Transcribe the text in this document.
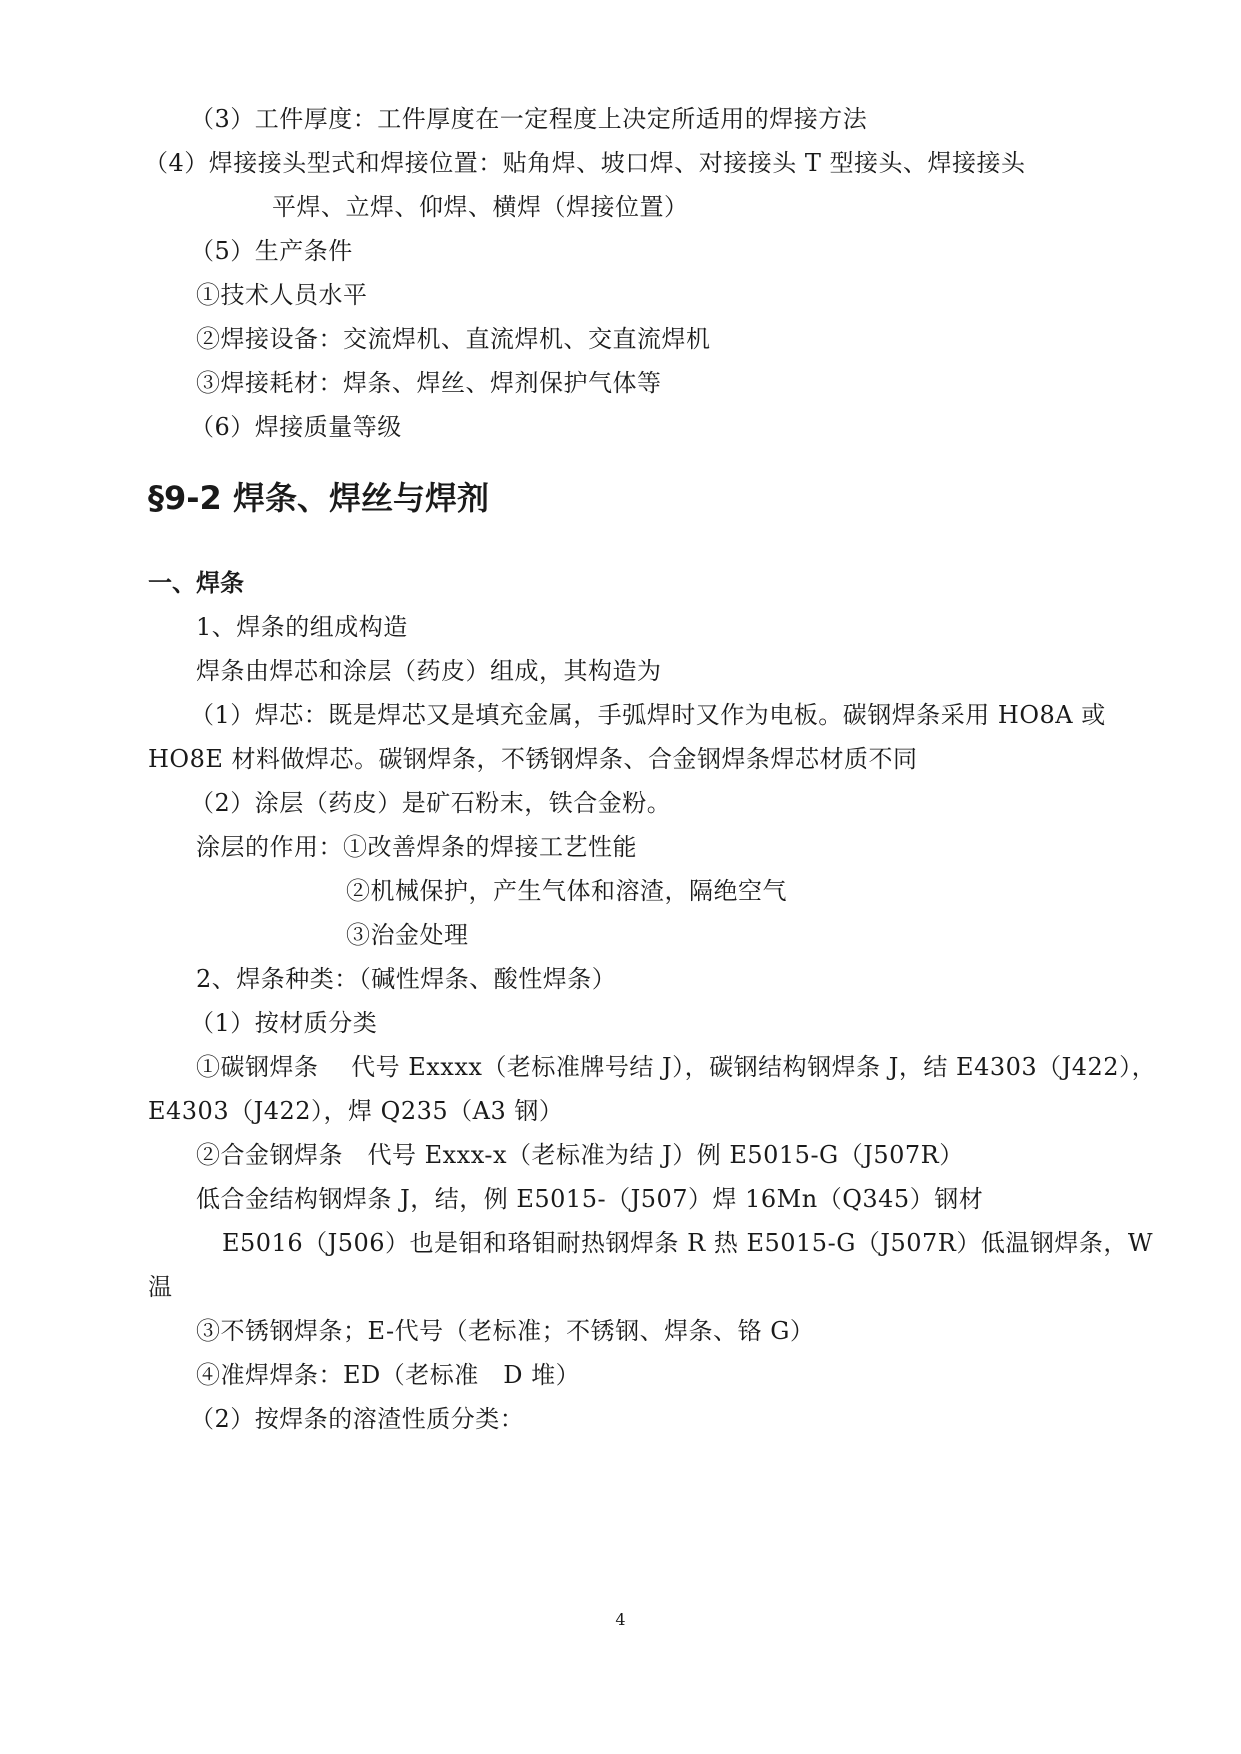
（3）工件厚度：工件厚度在一定程度上决定所适用的焊接方法
（4）焊接接头型式和焊接位置：贴角焊、坡口焊、对接接头 T 型接头、焊接接头
平焊、立焊、仰焊、横焊（焊接位置）
（5）生产条件
①技术人员水平
②焊接设备：交流焊机、直流焊机、交直流焊机
③焊接耗材：焊条、焊丝、焊剂保护气体等
（6）焊接质量等级
§9-2 焊条、焊丝与焊剂
一、焊条
1、焊条的组成构造
焊条由焊芯和涂层（药皮）组成，其构造为
（1）焊芯：既是焊芯又是填充金属，手弧焊时又作为电板。碳钢焊条采用 HO8A 或
HO8E 材料做焊芯。碳钢焊条，不锈钢焊条、合金钢焊条焊芯材质不同
（2）涂层（药皮）是矿石粉末，铁合金粉。
涂层的作用：①改善焊条的焊接工艺性能
②机械保护，产生气体和溶渣，隔绝空气
③治金处理
2、焊条种类：（碱性焊条、酸性焊条）
（1）按材质分类
①碳钢焊条　 代号 Exxxx（老标准牌号结 J），碳钢结构钢焊条 J，结 E4303（J422），
E4303（J422），焊 Q235（A3 钢）
②合金钢焊条　代号 Exxx-x（老标准为结 J）例 E5015-G（J507R）
低合金结构钢焊条 J，结，例 E5015-（J507）焊 16Mn（Q345）钢材
E5016（J506）也是钼和珞钼耐热钢焊条 R 热 E5015-G（J507R）低温钢焊条，W
温
③不锈钢焊条；E-代号（老标准；不锈钢、焊条、铬 G）
④准焊焊条：ED（老标准　D 堆）
（2）按焊条的溶渣性质分类：
4
